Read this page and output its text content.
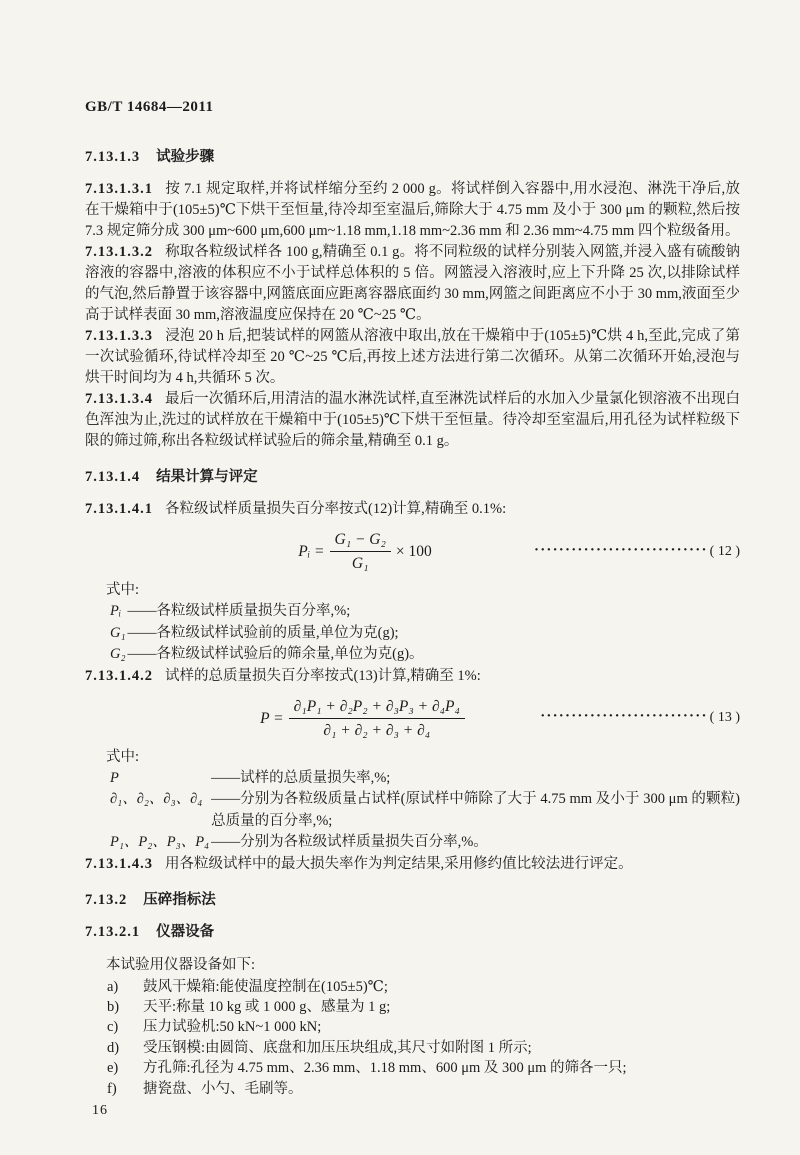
GB/T 14684—2011
7.13.1.3 试验步骤

7.13.1.3.1 按 7.1 规定取样,并将试样缩分至约 2 000 g。将试样倒入容器中,用水浸泡、淋洗干净后,放在干燥箱中于(105±5)℃下烘干至恒量,待冷却至室温后,筛除大于 4.75 mm 及小于 300 μm 的颗粒,然后按 7.3 规定筛分成 300 μm~600 μm,600 μm~1.18 mm,1.18 mm~2.36 mm 和 2.36 mm~4.75 mm 四个粒级备用。

7.13.1.3.2 称取各粒级试样各 100 g,精确至 0.1 g。将不同粒级的试样分别装入网篮,并浸入盛有硫酸钠溶液的容器中,溶液的体积应不小于试样总体积的 5 倍。网篮浸入溶液时,应上下升降 25 次,以排除试样的气泡,然后静置于该容器中,网篮底面应距离容器底面约 30 mm,网篮之间距离应不小于 30 mm,液面至少高于试样表面 30 mm,溶液温度应保持在 20 ℃~25 ℃。

7.13.1.3.3 浸泡 20 h 后,把装试样的网篮从溶液中取出,放在干燥箱中于(105±5)℃烘 4 h,至此,完成了第一次试验循环,待试样冷却至 20 ℃~25 ℃后,再按上述方法进行第二次循环。从第二次循环开始,浸泡与烘干时间均为 4 h,共循环 5 次。

7.13.1.3.4 最后一次循环后,用清洁的温水淋洗试样,直至淋洗试样后的水加入少量氯化钡溶液不出现白色浑浊为止,洗过的试样放在干燥箱中于(105±5)℃下烘干至恒量。待冷却至室温后,用孔径为试样粒级下限的筛过筛,称出各粒级试样试验后的筛余量,精确至 0.1 g。

7.13.1.4 结果计算与评定

7.13.1.4.1 各粒级试样质量损失百分率按式(12)计算,精确至 0.1%:

Pᵢ = $\frac{\text{G₁ − G₂}}{\text{G₁}} \times 100$	···························· ( 12 )
式中:
Pᵢ	——各粒级试样质量损失百分率,%;
G₁	——各粒级试样试验前的质量,单位为克(g);
G₂	——各粒级试样试验后的筛余量,单位为克(g)。

7.13.1.4.2 试样的总质量损失百分率按式(13)计算,精确至 1%:

$P = \frac{\text{∂₁P₁ + ∂₂P₂ + ∂₃P₃ + ∂₄P₄}}{\text{∂₁ + ∂₂ + ∂₃ + ∂₄}}$	··························· ( 13 )
式中:
P	——试样的总质量损失率,%;
∂₁、∂₂、∂₃、∂₄	——分别为各粒级质量占试样(原试样中筛除了大于 4.75 mm 及小于 300 μm 的颗粒)总质量的百分率,%;
P₁、P₂、P₃、P₄	——分别为各粒级试样质量损失百分率,%。

7.13.1.4.3 用各粒级试样中的最大损失率作为判定结果,采用修约值比较法进行评定。

7.13.2 压碎指标法
7.13.2.1 仪器设备
本试验用仪器设备如下:
a) 鼓风干燥箱:能使温度控制在(105±5)℃;
b) 天平:称量 10 kg 或 1 000 g、感量为 1 g;
c) 压力试验机:50 kN~1 000 kN;
d) 受压钢模:由圆筒、底盘和加压压块组成,其尺寸如附图 1 所示;
e) 方孔筛:孔径为 4.75 mm、2.36 mm、1.18 mm、600 μm 及 300 μm 的筛各一只;
f) 搪瓷盘、小勺、毛刷等。
16
